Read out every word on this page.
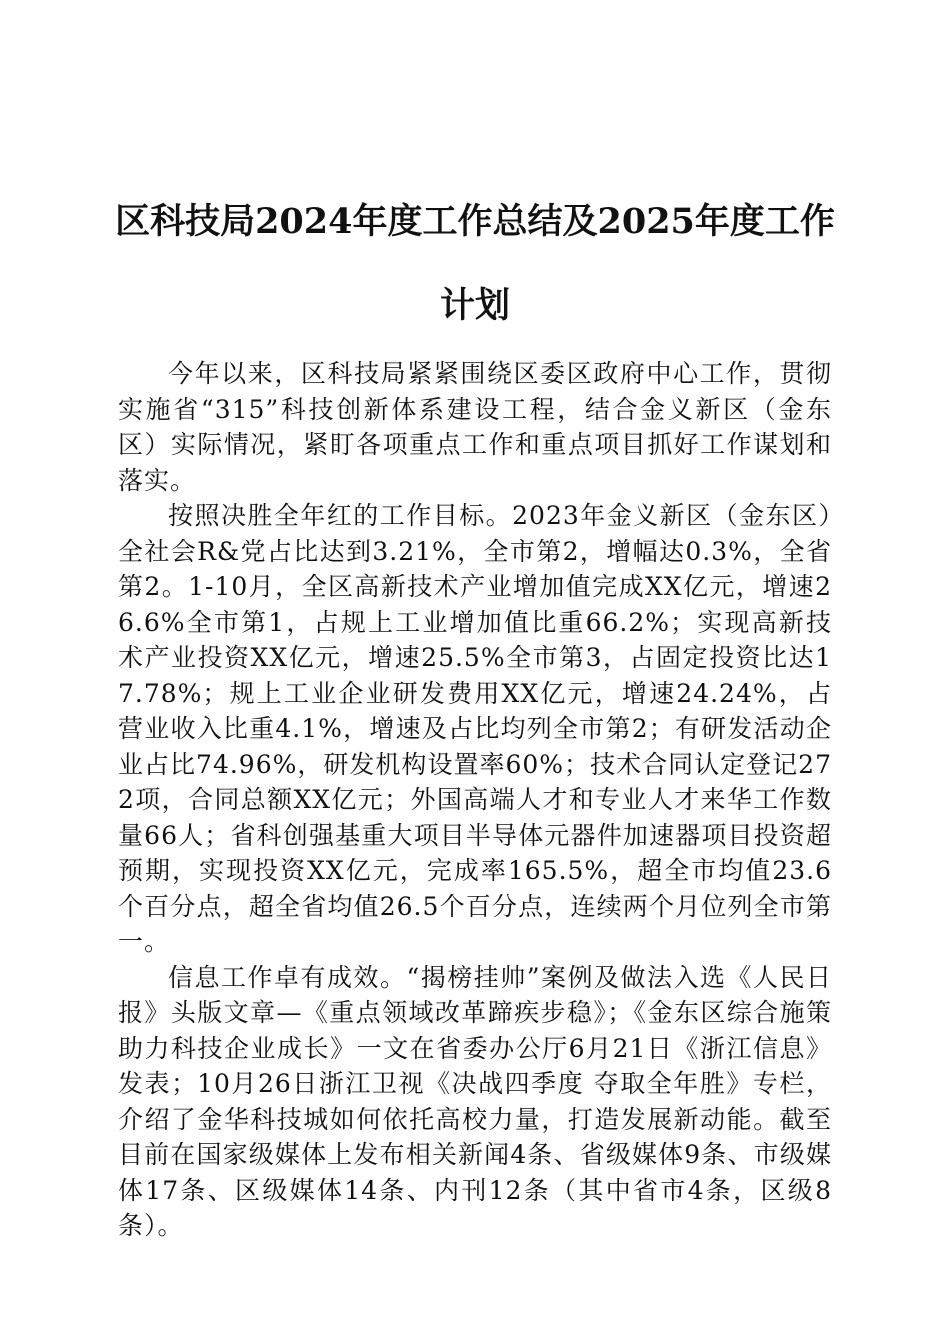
区科技局2024年度工作总结及2025年度工作
计划

今年以来，区科技局紧紧围绕区委区政府中心工作，贯彻实施省“315”科技创新体系建设工程，结合金义新区（金东区）实际情况，紧盯各项重点工作和重点项目抓好工作谋划和落实。

按照决胜全年红的工作目标。2023年金义新区（金东区）全社会R&党占比达到3.21%，全市第2，增幅达0.3%，全省第2。1-10月，全区高新技术产业增加值完成XX亿元，增速26.6%全市第1，占规上工业增加值比重66.2%；实现高新技术产业投资XX亿元，增速25.5%全市第3，占固定投资比达17.78%；规上工业企业研发费用XX亿元，增速24.24%，占营业收入比重4.1%，增速及占比均列全市第2；有研发活动企业占比74.96%，研发机构设置率60%；技术合同认定登记272项，合同总额XX亿元；外国高端人才和专业人才来华工作数量66人；省科创强基重大项目半导体元器件加速器项目投资超预期，实现投资XX亿元，完成率165.5%，超全市均值23.6个百分点，超全省均值26.5个百分点，连续两个月位列全市第一。

信息工作卓有成效。“揭榜挂帅”案例及做法入选《人民日报》头版文章—《重点领域改革蹄疾步稳》；《金东区综合施策助力科技企业成长》一文在省委办公厅6月21日《浙江信息》发表；10月26日浙江卫视《决战四季度 夺取全年胜》专栏，介绍了金华科技城如何依托高校力量，打造发展新动能。截至目前在国家级媒体上发布相关新闻4条、省级媒体9条、市级媒体17条、区级媒体14条、内刊12条（其中省市4条，区级8条）。
